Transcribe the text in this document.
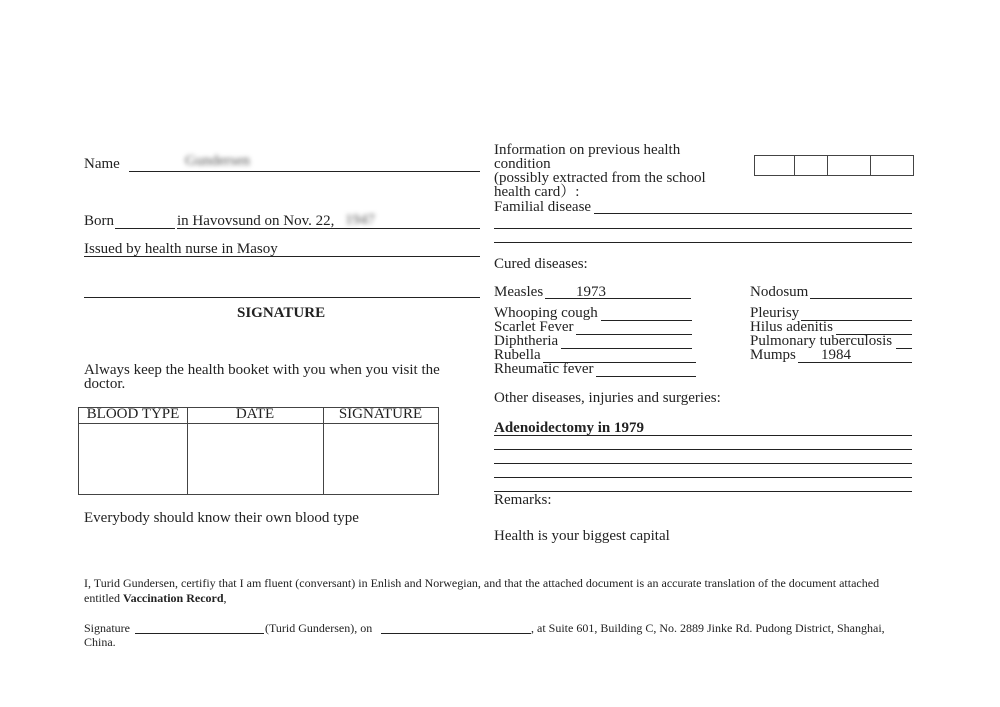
Name	Gundersen
Born	in Havovsund on Nov. 22, 1947
Issued by health nurse in Masoy
SIGNATURE
Always keep the health booket with you when you visit the
doctor.
BLOOD TYPE	DATE	SIGNATURE
Everybody should know their own blood type
Information on previous health
condition
(possibly extracted from the school
health card）:
Familial disease
Cured diseases:
Measles 1973
Whooping cough
Scarlet Fever
Diphtheria
Rubella
Rheumatic fever
Nodosum
Pleurisy
Hilus adenitis
Pulmonary tuberculosis
Mumps 1984
Other diseases, injuries and surgeries:
Adenoidectomy in 1979
Remarks:
Health is your biggest capital
I, Turid Gundersen, certifiy that I am fluent (conversant) in Enlish and Norwegian, and that the attached document is an accurate translation of the document attached
entitled Vaccination Record,
Signature	(Turid Gundersen), on	, at Suite 601, Building C, No. 2889 Jinke Rd. Pudong District, Shanghai,
China.
